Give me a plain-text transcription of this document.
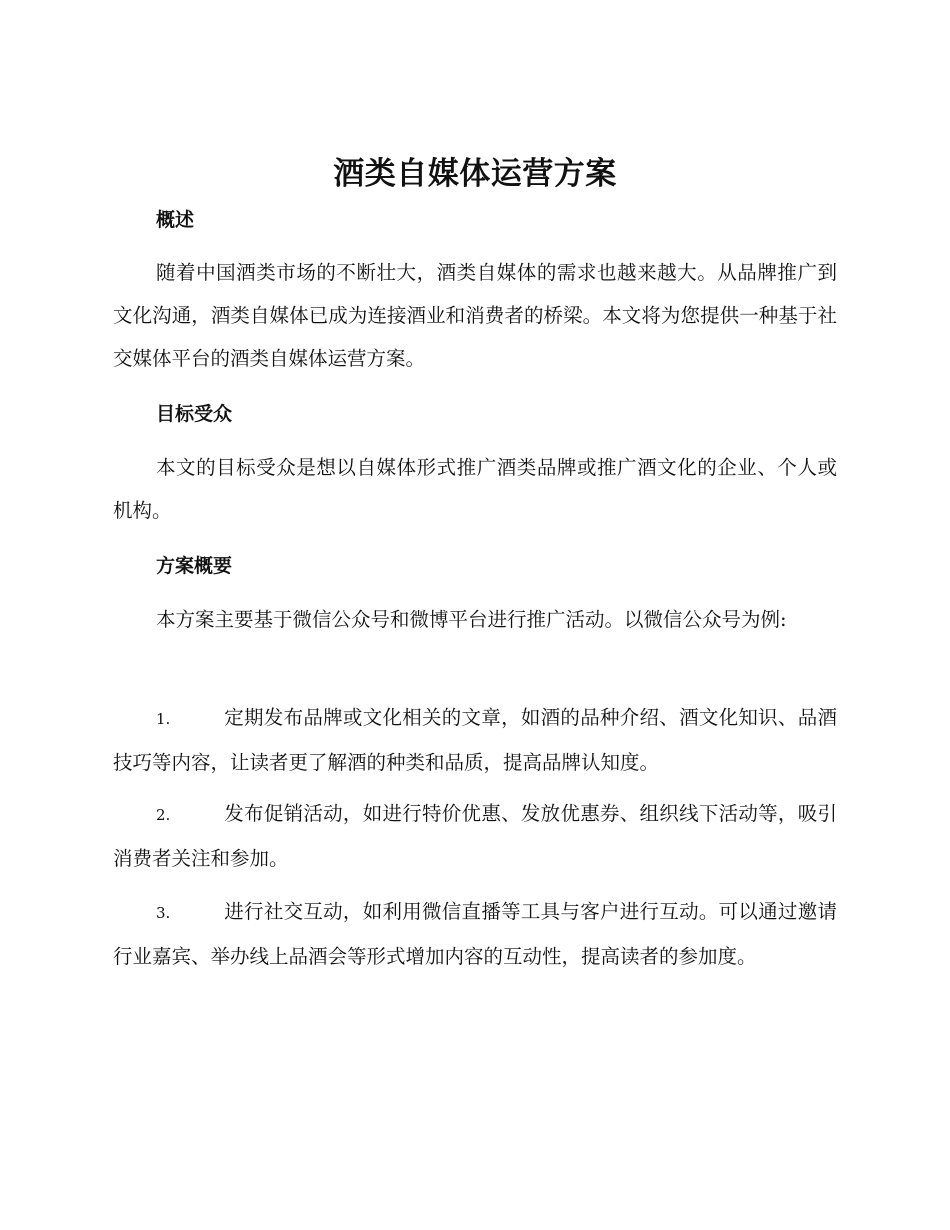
酒类自媒体运营方案
概述

随着中国酒类市场的不断壮大，酒类自媒体的需求也越来越大。从品牌推广到文化沟通，酒类自媒体已成为连接酒业和消费者的桥梁。本文将为您提供一种基于社交媒体平台的酒类自媒体运营方案。

目标受众

本文的目标受众是想以自媒体形式推广酒类品牌或推广酒文化的企业、个人或机构。

方案概要

本方案主要基于微信公众号和微博平台进行推广活动。以微信公众号为例:

1.	定期发布品牌或文化相关的文章，如酒的品种介绍、酒文化知识、品酒技巧等内容，让读者更了解酒的种类和品质，提高品牌认知度。

2.	发布促销活动，如进行特价优惠、发放优惠券、组织线下活动等，吸引消费者关注和参加。

3.	进行社交互动，如利用微信直播等工具与客户进行互动。可以通过邀请行业嘉宾、举办线上品酒会等形式增加内容的互动性，提高读者的参加度。
